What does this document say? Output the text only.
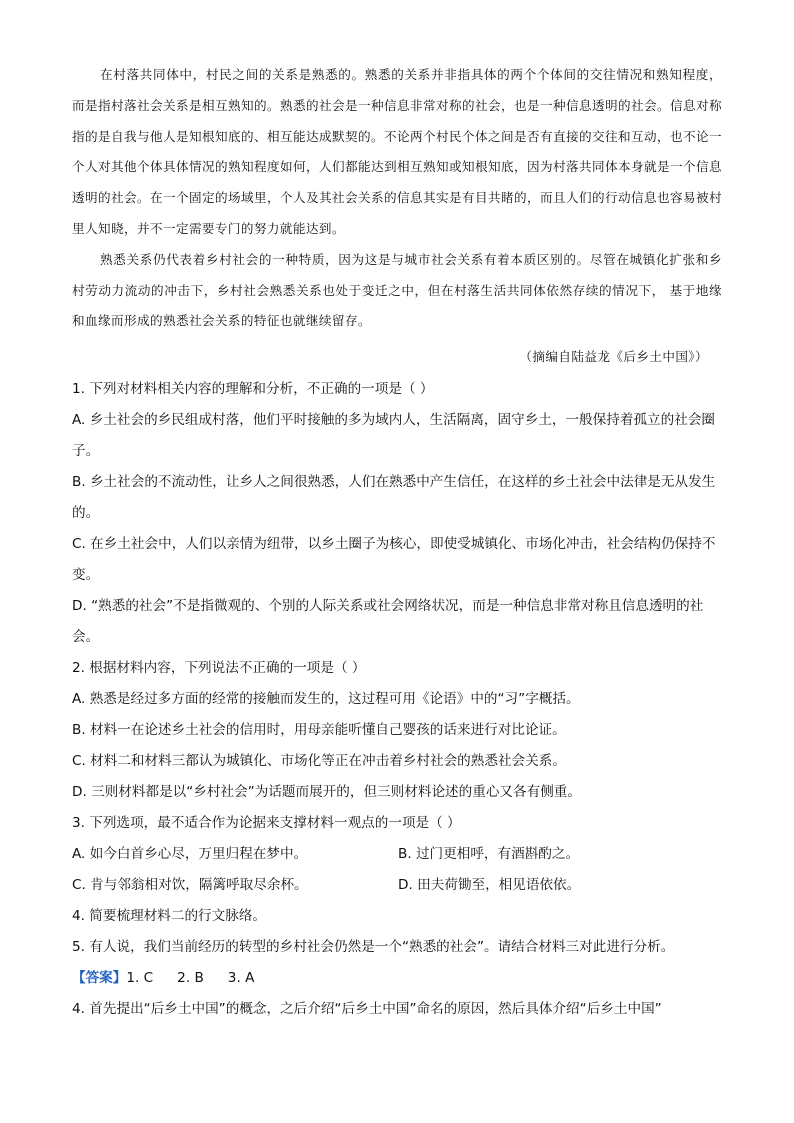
在村落共同体中，村民之间的关系是熟悉的。熟悉的关系并非指具体的两个个体间的交往情况和熟知程度，而是指村落社会关系是相互熟知的。熟悉的社会是一种信息非常对称的社会，也是一种信息透明的社会。信息对称指的是自我与他人是知根知底的、相互能达成默契的。不论两个村民个体之间是否有直接的交往和互动，也不论一个人对其他个体具体情况的熟知程度如何，人们都能达到相互熟知或知根知底，因为村落共同体本身就是一个信息透明的社会。在一个固定的场域里，个人及其社会关系的信息其实是有目共睹的，而且人们的行动信息也容易被村里人知晓，并不一定需要专门的努力就能达到。

熟悉关系仍代表着乡村社会的一种特质，因为这是与城市社会关系有着本质区别的。尽管在城镇化扩张和乡村劳动力流动的冲击下，乡村社会熟悉关系也处于变迁之中，但在村落生活共同体依然存续的情况下， 基于地缘和血缘而形成的熟悉社会关系的特征也就继续留存。

（摘编自陆益龙《后乡土中国》）

1. 下列对材料相关内容的理解和分析，不正确的一项是（ ）

A. 乡土社会的乡民组成村落，他们平时接触的多为域内人，生活隔离，固守乡土，一般保持着孤立的社会圈子。

B. 乡土社会的不流动性，让乡人之间很熟悉，人们在熟悉中产生信任，在这样的乡土社会中法律是无从发生的。

C. 在乡土社会中，人们以亲情为纽带，以乡土圈子为核心，即使受城镇化、市场化冲击，社会结构仍保持不变。

D. “熟悉的社会”不是指微观的、个别的人际关系或社会网络状况，而是一种信息非常对称且信息透明的社会。

2. 根据材料内容，下列说法不正确的一项是（ ）

A. 熟悉是经过多方面的经常的接触而发生的，这过程可用《论语》中的“习”字概括。

B. 材料一在论述乡土社会的信用时，用母亲能听懂自己婴孩的话来进行对比论证。

C. 材料二和材料三都认为城镇化、市场化等正在冲击着乡村社会的熟悉社会关系。

D. 三则材料都是以“乡村社会”为话题而展开的，但三则材料论述的重心又各有侧重。

3. 下列选项，最不适合作为论据来支撑材料一观点的一项是（ ）

A. 如今白首乡心尽，万里归程在梦中。	B. 过门更相呼，有酒斟酌之。
C. 肯与邻翁相对饮，隔篱呼取尽余杯。	D. 田夫荷锄至，相见语依依。

4. 简要梳理材料二的行文脉络。

5. 有人说，我们当前经历的转型的乡村社会仍然是一个“熟悉的社会”。请结合材料三对此进行分析。

【答案】1. C 2. B 3. A

4. 首先提出“后乡土中国”的概念，之后介绍“后乡土中国”命名的原因，然后具体介绍“后乡土中国”
